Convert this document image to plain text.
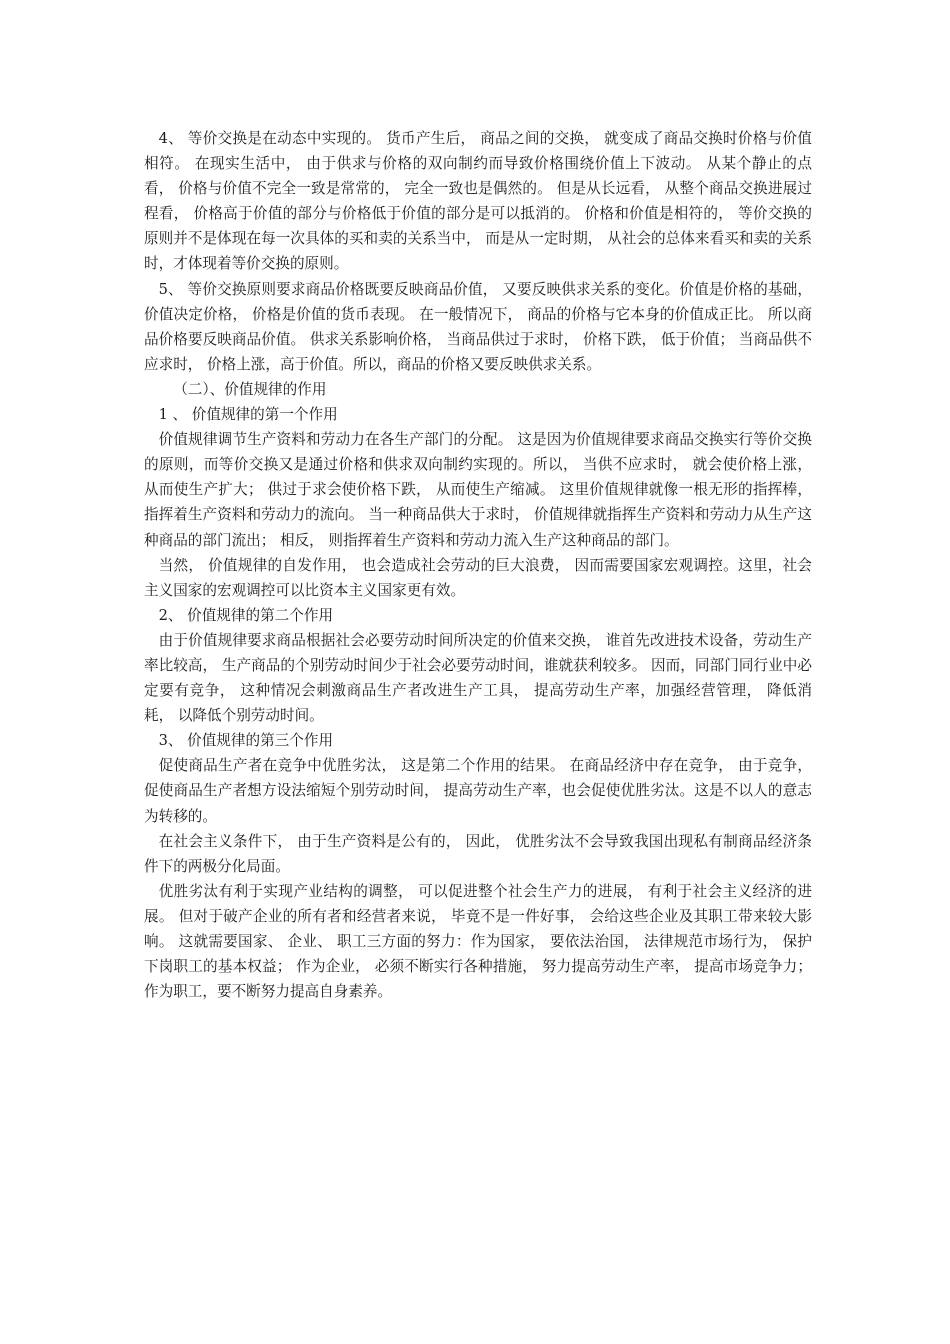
4、 等价交换是在动态中实现的。 货币产生后， 商品之间的交换， 就变成了商品交换时价格与价值相符。 在现实生活中， 由于供求与价格的双向制约而导致价格围绕价值上下波动。 从某个静止的点看， 价格与价值不完全一致是常常的， 完全一致也是偶然的。 但是从长远看， 从整个商品交换进展过程看， 价格高于价值的部分与价格低于价值的部分是可以抵消的。 价格和价值是相符的， 等价交换的原则并不是体现在每一次具体的买和卖的关系当中， 而是从一定时期， 从社会的总体来看买和卖的关系时，才体现着等价交换的原则。

5、 等价交换原则要求商品价格既要反映商品价值， 又要反映供求关系的变化。价值是价格的基础， 价值决定价格， 价格是价值的货币表现。 在一般情况下， 商品的价格与它本身的价值成正比。 所以商品价格要反映商品价值。 供求关系影响价格， 当商品供过于求时， 价格下跌， 低于价值； 当商品供不应求时， 价格上涨，高于价值。所以，商品的价格又要反映供求关系。

（二）、价值规律的作用

1 、 价值规律的第一个作用

价值规律调节生产资料和劳动力在各生产部门的分配。 这是因为价值规律要求商品交换实行等价交换的原则，而等价交换又是通过价格和供求双向制约实现的。所以， 当供不应求时， 就会使价格上涨， 从而使生产扩大； 供过于求会使价格下跌， 从而使生产缩减。 这里价值规律就像一根无形的指挥棒， 指挥着生产资料和劳动力的流向。 当一种商品供大于求时， 价值规律就指挥生产资料和劳动力从生产这种商品的部门流出； 相反， 则指挥着生产资料和劳动力流入生产这种商品的部门。

当然， 价值规律的自发作用， 也会造成社会劳动的巨大浪费， 因而需要国家宏观调控。这里，社会主义国家的宏观调控可以比资本主义国家更有效。

2、 价值规律的第二个作用

由于价值规律要求商品根据社会必要劳动时间所决定的价值来交换， 谁首先改进技术设备，劳动生产率比较高， 生产商品的个别劳动时间少于社会必要劳动时间，谁就获利较多。 因而，同部门同行业中必定要有竞争， 这种情况会刺激商品生产者改进生产工具， 提高劳动生产率，加强经营管理， 降低消耗， 以降低个别劳动时间。

3、 价值规律的第三个作用

促使商品生产者在竞争中优胜劣汰， 这是第二个作用的结果。 在商品经济中存在竞争， 由于竞争， 促使商品生产者想方设法缩短个别劳动时间， 提高劳动生产率，也会促使优胜劣汰。这是不以人的意志为转移的。

在社会主义条件下， 由于生产资料是公有的， 因此， 优胜劣汰不会导致我国出现私有制商品经济条件下的两极分化局面。

优胜劣汰有利于实现产业结构的调整， 可以促进整个社会生产力的进展， 有利于社会主义经济的进展。 但对于破产企业的所有者和经营者来说， 毕竟不是一件好事， 会给这些企业及其职工带来较大影响。 这就需要国家、 企业、 职工三方面的努力：作为国家， 要依法治国， 法律规范市场行为， 保护下岗职工的基本权益； 作为企业， 必须不断实行各种措施， 努力提高劳动生产率， 提高市场竞争力； 作为职工，要不断努力提高自身素养。
